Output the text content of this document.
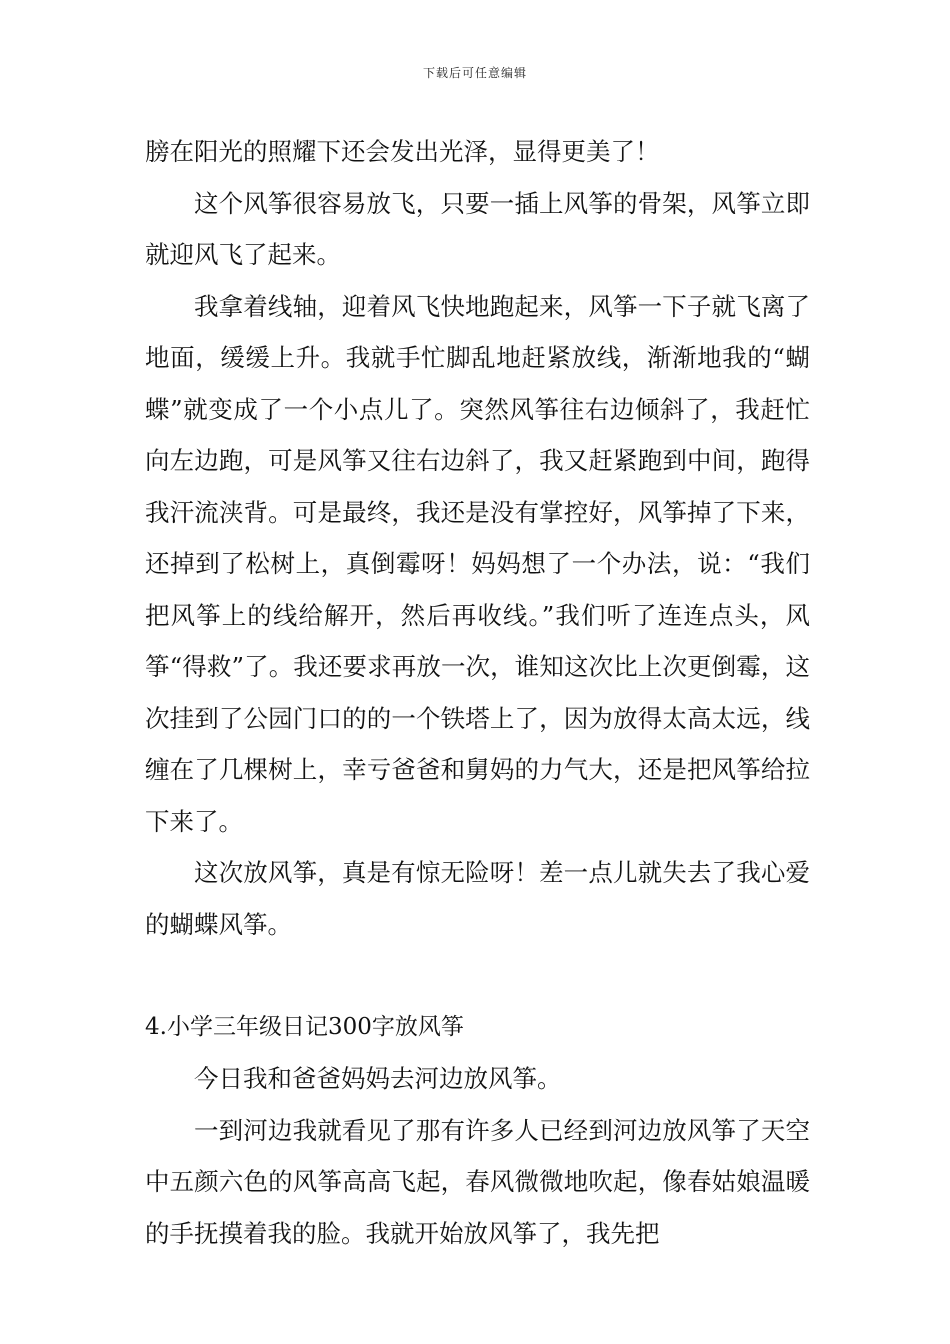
下载后可任意编辑

膀在阳光的照耀下还会发出光泽，显得更美了！

这个风筝很容易放飞，只要一插上风筝的骨架，风筝立即就迎风飞了起来。

我拿着线轴，迎着风飞快地跑起来，风筝一下子就飞离了地面，缓缓上升。我就手忙脚乱地赶紧放线，渐渐地我的“蝴蝶”就变成了一个小点儿了。突然风筝往右边倾斜了，我赶忙向左边跑，可是风筝又往右边斜了，我又赶紧跑到中间，跑得我汗流浃背。可是最终，我还是没有掌控好，风筝掉了下来，还掉到了松树上，真倒霉呀！妈妈想了一个办法，说：“我们把风筝上的线给解开，然后再收线。”我们听了连连点头，风筝“得救”了。我还要求再放一次，谁知这次比上次更倒霉，这次挂到了公园门口的的一个铁塔上了，因为放得太高太远，线缠在了几棵树上，幸亏爸爸和舅妈的力气大，还是把风筝给拉下来了。

这次放风筝，真是有惊无险呀！差一点儿就失去了我心爱的蝴蝶风筝。

4.小学三年级日记300字放风筝

今日我和爸爸妈妈去河边放风筝。

一到河边我就看见了那有许多人已经到河边放风筝了天空中五颜六色的风筝高高飞起，春风微微地吹起，像春姑娘温暖的手抚摸着我的脸。我就开始放风筝了，我先把
